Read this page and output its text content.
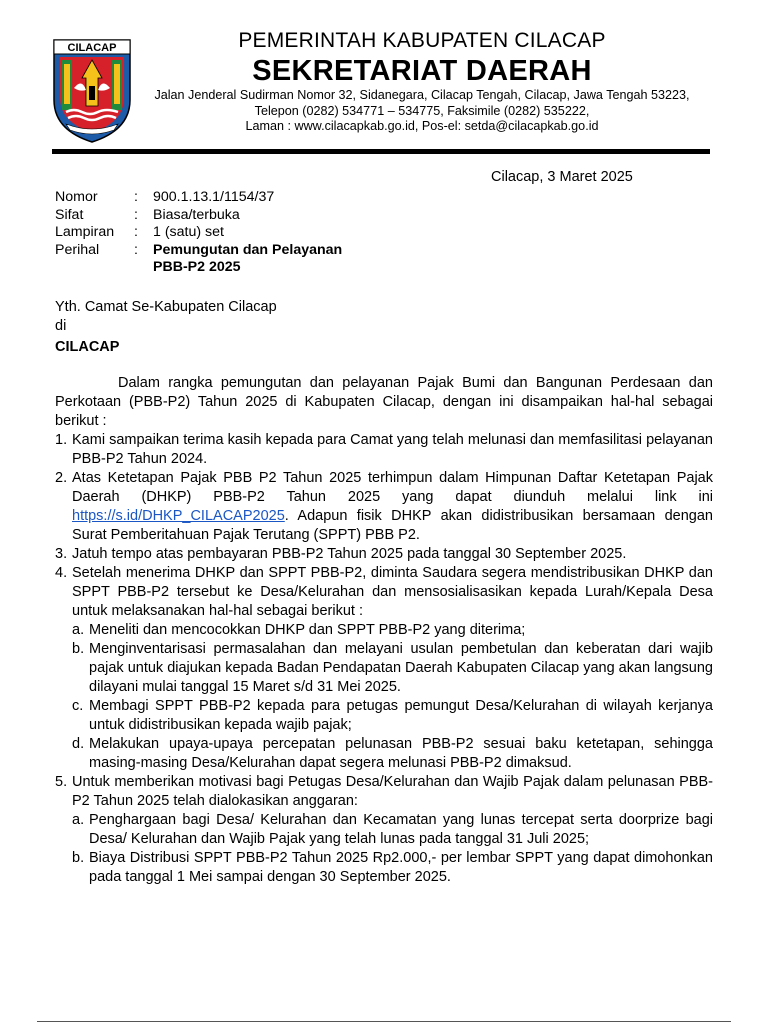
CILACAP	PEMERINTAH KABUPATEN CILACAP
SEKRETARIAT DAERAH
Jalan Jenderal Sudirman Nomor 32, Sidanegara, Cilacap Tengah, Cilacap, Jawa Tengah 53223,
Telepon (0282) 534771 – 534775, Faksimile (0282) 535222,
Laman : www.cilacapkab.go.id, Pos-el: setda@cilacapkab.go.id
Cilacap, 3 Maret 2025
Nomor	:	900.1.13.1/1154/37
Sifat	:	Biasa/terbuka
Lampiran	:	1 (satu) set
Perihal	:	Pemungutan dan Pelayanan
PBB-P2 2025
Yth. Camat Se-Kabupaten Cilacap
di
CILACAP
Dalam rangka pemungutan dan pelayanan Pajak Bumi dan Bangunan Perdesaan dan
Perkotaan (PBB-P2) Tahun 2025 di Kabupaten Cilacap, dengan ini disampaikan hal-hal sebagai
berikut :
1. Kami sampaikan terima kasih kepada para Camat yang telah melunasi dan memfasilitasi pelayanan PBB-P2 Tahun 2024.
2. Atas Ketetapan Pajak PBB P2 Tahun 2025 terhimpun dalam Himpunan Daftar Ketetapan Pajak Daerah (DHKP) PBB-P2 Tahun 2025 yang dapat diunduh melalui link ini https://s.id/DHKP_CILACAP2025. Adapun fisik DHKP akan didistribusikan bersamaan dengan Surat Pemberitahuan Pajak Terutang (SPPT) PBB P2.
3. Jatuh tempo atas pembayaran PBB-P2 Tahun 2025 pada tanggal 30 September 2025.
4. Setelah menerima DHKP dan SPPT PBB-P2, diminta Saudara segera mendistribusikan DHKP dan SPPT PBB-P2 tersebut ke Desa/Kelurahan dan mensosialisasikan kepada Lurah/Kepala Desa untuk melaksanakan hal-hal sebagai berikut :
a. Meneliti dan mencocokkan DHKP dan SPPT PBB-P2 yang diterima;
b. Menginventarisasi permasalahan dan melayani usulan pembetulan dan keberatan dari wajib pajak untuk diajukan kepada Badan Pendapatan Daerah Kabupaten Cilacap yang akan langsung dilayani mulai tanggal 15 Maret s/d 31 Mei 2025.
c. Membagi SPPT PBB-P2 kepada para petugas pemungut Desa/Kelurahan di wilayah kerjanya untuk didistribusikan kepada wajib pajak;
d. Melakukan upaya-upaya percepatan pelunasan PBB-P2 sesuai baku ketetapan, sehingga masing-masing Desa/Kelurahan dapat segera melunasi PBB-P2 dimaksud.
5. Untuk memberikan motivasi bagi Petugas Desa/Kelurahan dan Wajib Pajak dalam pelunasan PBB-P2 Tahun 2025 telah dialokasikan anggaran:
a. Penghargaan bagi Desa/ Kelurahan dan Kecamatan yang lunas tercepat serta doorprize bagi Desa/ Kelurahan dan Wajib Pajak yang telah lunas pada tanggal 31 Juli 2025;
b. Biaya Distribusi SPPT PBB-P2 Tahun 2025 Rp2.000,- per lembar SPPT yang dapat dimohonkan pada tanggal 1 Mei sampai dengan 30 September 2025.
